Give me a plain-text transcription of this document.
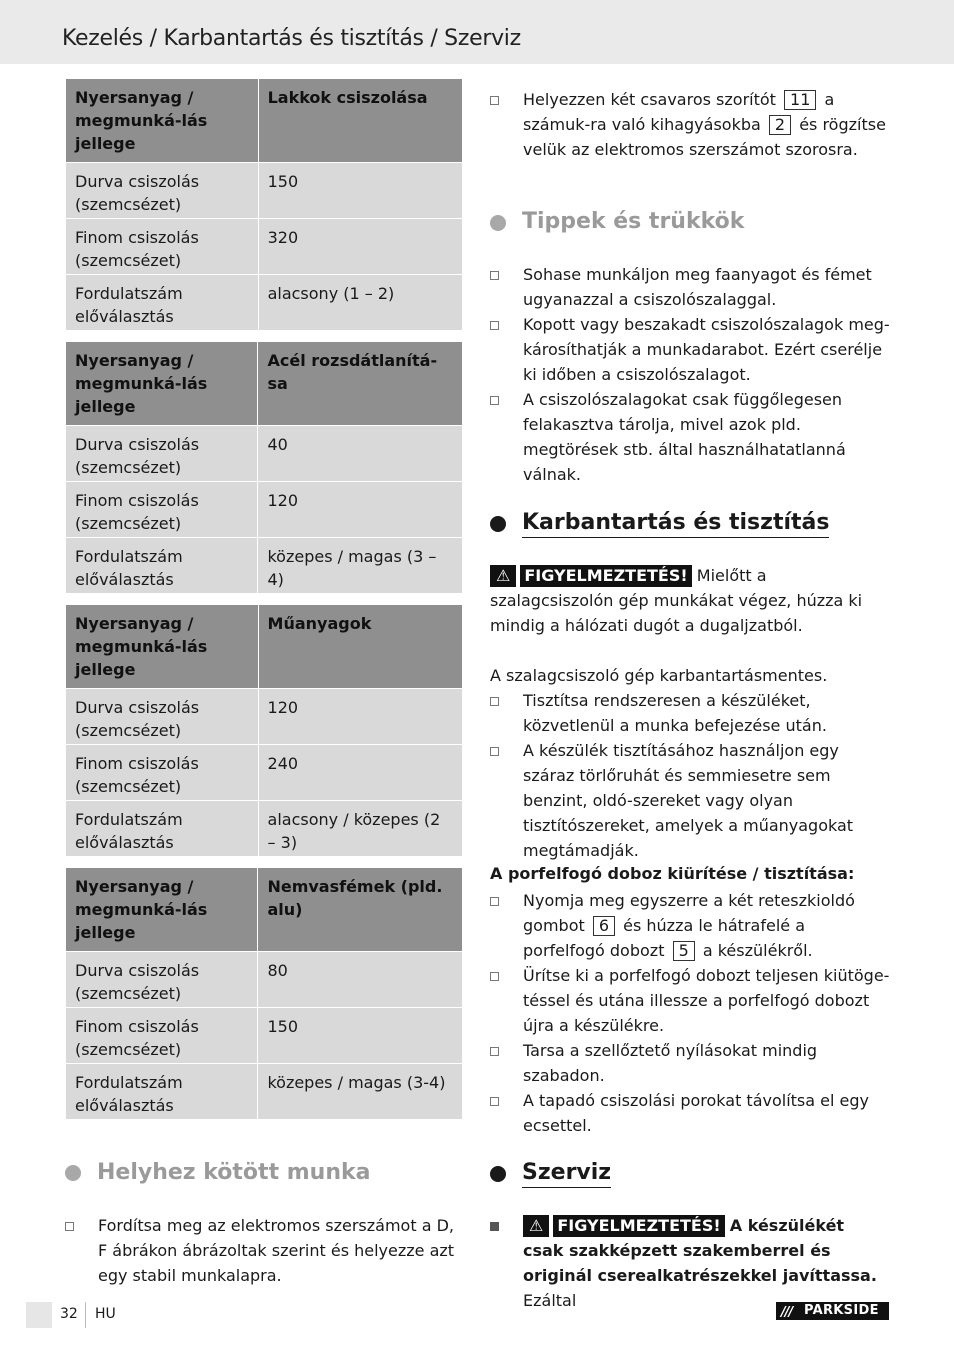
Kezelés / Karbantartás és tisztítás / Szerviz
Nyersanyag / megmunká-lás jellege	Lakkok csiszolása
Durva csiszolás (szemcsézet)	150
Finom csiszolás (szemcsézet)	320
Fordulatszám előválasztás	alacsony (1 – 2)
Nyersanyag / megmunká-lás jellege	Acél rozsdátlanítá-sa
Durva csiszolás (szemcsézet)	40
Finom csiszolás (szemcsézet)	120
Fordulatszám előválasztás	közepes / magas (3 – 4)
Nyersanyag / megmunká-lás jellege	Műanyagok
Durva csiszolás (szemcsézet)	120
Finom csiszolás (szemcsézet)	240
Fordulatszám előválasztás	alacsony / közepes (2 – 3)
Nyersanyag / megmunká-lás jellege	Nemvasfémek (pld. alu)
Durva csiszolás (szemcsézet)	80
Finom csiszolás (szemcsézet)	150
Fordulatszám előválasztás	közepes / magas (3-4)
Helyhez kötött munka
Fordítsa meg az elektromos szerszámot a D, F ábrákon ábrázoltak szerint és helyezze azt egy stabil munkalapra.
Helyezzen két csavaros szorítót 11 a számuk-ra való kihagyásokba 2 és rögzítse velük az elektromos szerszámot szorosra.
Tippek és trükkök
Sohase munkáljon meg faanyagot és fémet ugyanazzal a csiszolószalaggal.
Kopott vagy beszakadt csiszolószalagok meg-károsíthatják a munkadarabot. Ezért cserélje ki időben a csiszolószalagot.
A csiszolószalagokat csak függőlegesen felakasztva tárolja, mivel azok pld. megtörések stb. által használhatatlanná válnak.
Karbantartás és tisztítás

⚠ FIGYELMEZTETÉS! Mielőtt a szalagcsiszolón gép munkákat végez, húzza ki mindig a hálózati dugót a dugaljzatból.

A szalagcsiszoló gép karbantartásmentes.

Tisztítsa rendszeresen a készüléket, közvetlenül a munka befejezése után.
A készülék tisztításához használjon egy száraz törlőruhát és semmiesetre sem benzint, oldó-szereket vagy olyan tisztítószereket, amelyek a műanyagokat megtámadják.
A porfelfogó doboz kiürítése / tisztítása:
Nyomja meg egyszerre a két reteszkioldó gombot 6 és húzza le hátrafelé a porfelfogó dobozt 5 a készülékről.
Ürítse ki a porfelfogó dobozt teljesen kiütöge-téssel és utána illessze a porfelfogó dobozt újra a készülékre.
Tarsa a szellőztető nyílásokat mindig szabadon.
A tapadó csiszolási porokat távolítsa el egy ecsettel.
Szerviz
⚠ FIGYELMEZTETÉS! A készülékét csak szakképzett szakemberrel és originál cserealkatrészekkel javíttassa. Ezáltal
32 HU	/// PARKSIDE
